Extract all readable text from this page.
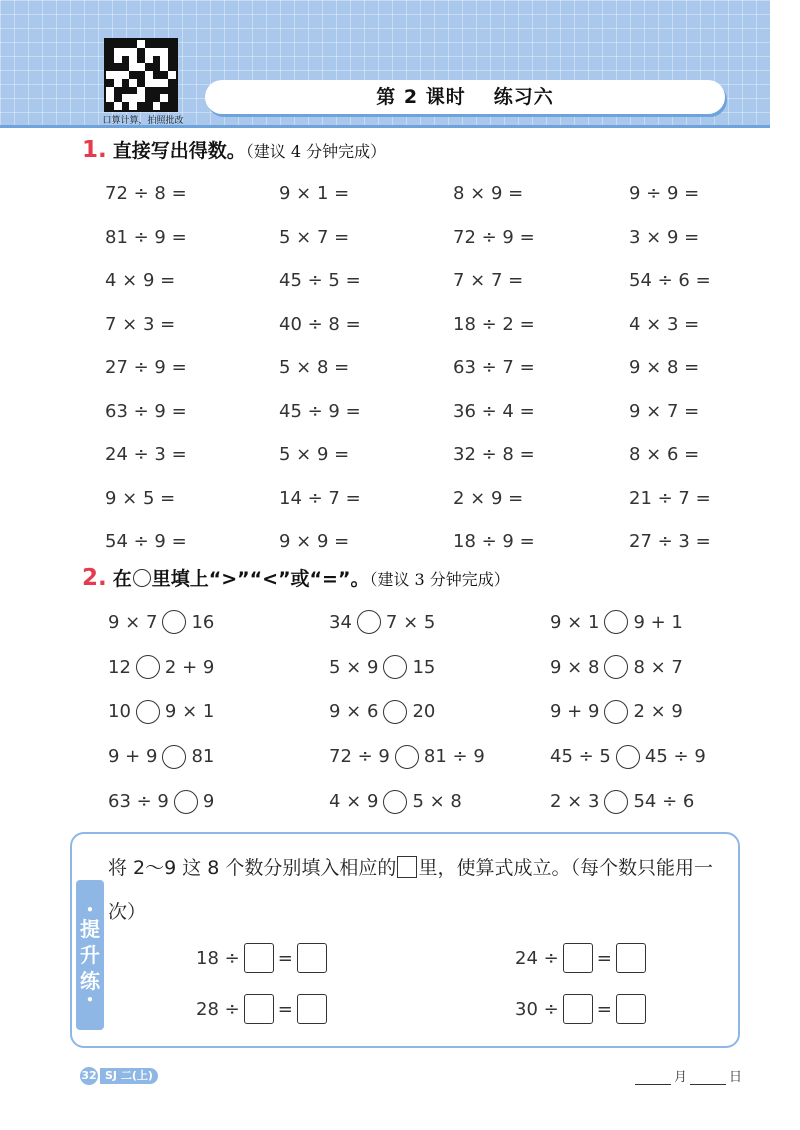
口算计算，拍照批改
第 2 课时 练习六
1. 直接写出得数。（建议 4 分钟完成）
72 ÷ 8 =	9 × 1 =	8 × 9 =	9 ÷ 9 =
81 ÷ 9 =	5 × 7 =	72 ÷ 9 =	3 × 9 =
4 × 9 =	45 ÷ 5 =	7 × 7 =	54 ÷ 6 =
7 × 3 =	40 ÷ 8 =	18 ÷ 2 =	4 × 3 =
27 ÷ 9 =	5 × 8 =	63 ÷ 7 =	9 × 8 =
63 ÷ 9 =	45 ÷ 9 =	36 ÷ 4 =	9 × 7 =
24 ÷ 3 =	5 × 9 =	32 ÷ 8 =	8 × 6 =
9 × 5 =	14 ÷ 7 =	2 × 9 =	21 ÷ 7 =
54 ÷ 9 =	9 × 9 =	18 ÷ 9 =	27 ÷ 3 =
2. 在 里填上“>”“<”或“=”。（建议 3 分钟完成）
9 × 7 16	34 7 × 5	9 × 1 9 + 1
12 2 + 9	5 × 9 15	9 × 8 8 × 7
10 9 × 1	9 × 6 20	9 + 9 2 × 9
9 + 9 81	72 ÷ 9 81 ÷ 9	45 ÷ 5 45 ÷ 9
63 ÷ 9 9	4 × 9 5 × 8	2 × 3 54 ÷ 6
•
提
升
练
•
将 2～9 这 8 个数分别填入相应的 里，使算式成立。（每个数只能用一次）
18 ÷ =	24 ÷ =
28 ÷ =	30 ÷ =
32 SJ 二(上)	月	日
